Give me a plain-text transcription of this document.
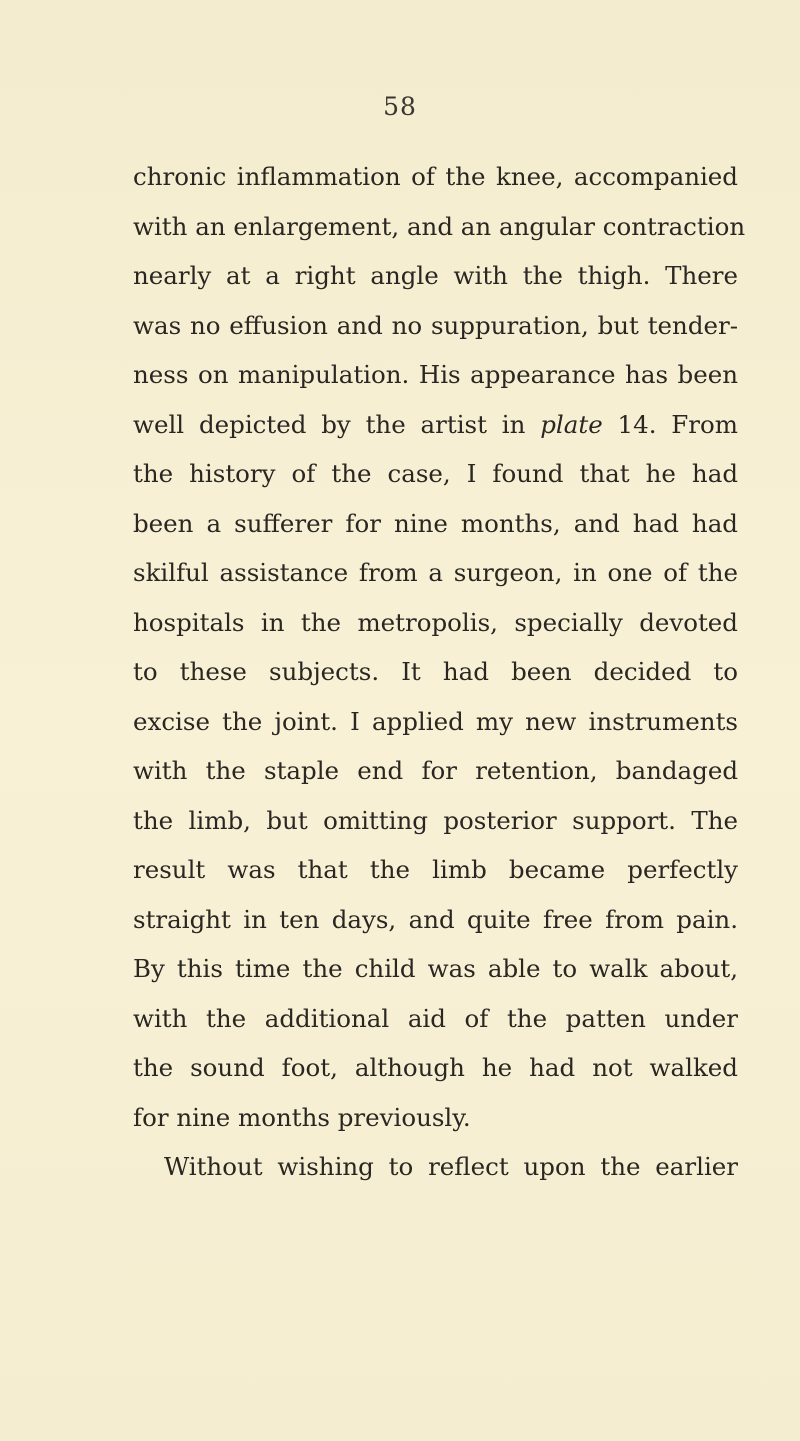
58
chronic inflammation of the knee, accompanied
with an enlargement, and an angular contraction
nearly at a right angle with the thigh. There
was no effusion and no suppuration, but tender-
ness on manipulation. His appearance has been
well depicted by the artist in plate 14. From
the history of the case, I found that he had
been a sufferer for nine months, and had had
skilful assistance from a surgeon, in one of the
hospitals in the metropolis, specially devoted
to these subjects. It had been decided to
excise the joint. I applied my new instruments
with the staple end for retention, bandaged
the limb, but omitting posterior support. The
result was that the limb became perfectly
straight in ten days, and quite free from pain.
By this time the child was able to walk about,
with the additional aid of the patten under
the sound foot, although he had not walked
for nine months previously.
Without wishing to reflect upon the earlier
